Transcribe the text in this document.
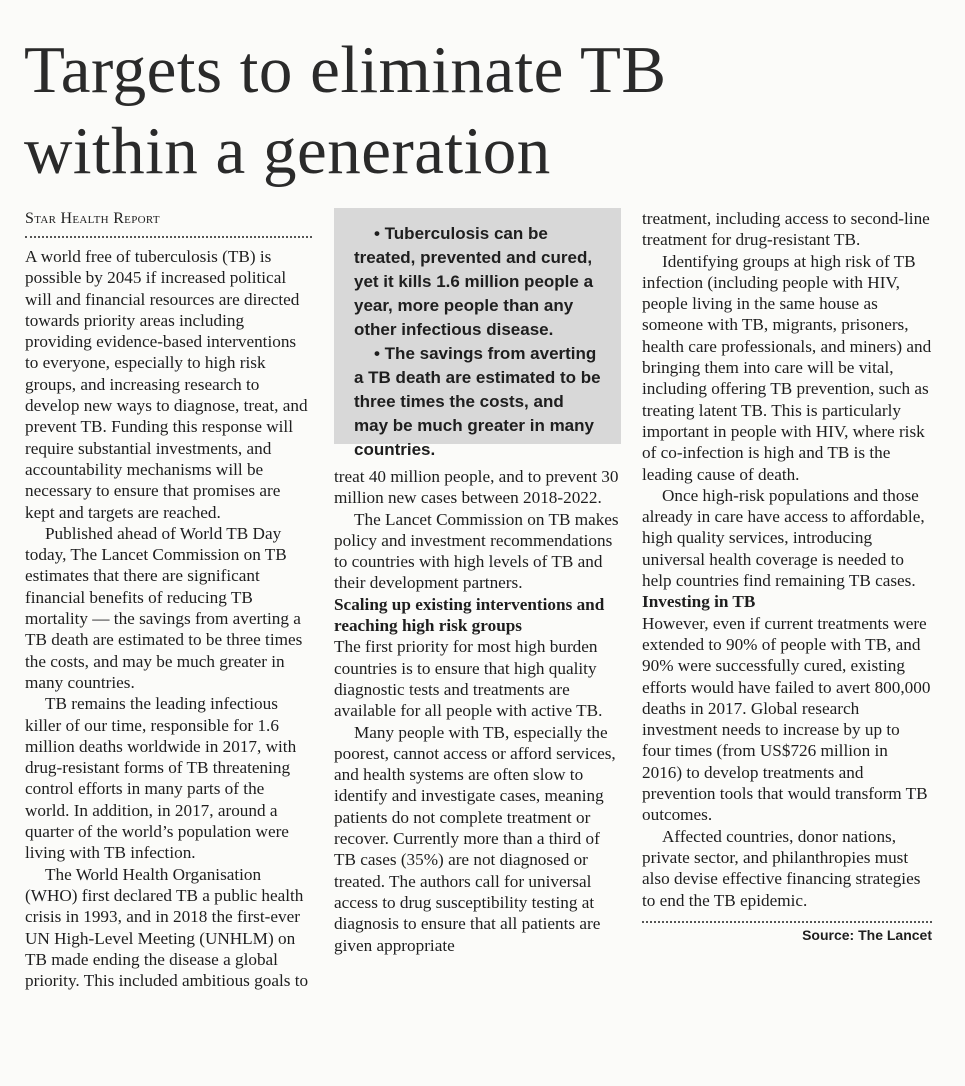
Targets to eliminate TB
within a generation
Star Health Report

A world free of tuberculosis (TB) is possible by 2045 if increased political will and financial resources are directed towards priority areas including providing evidence-based interventions to everyone, especially to high risk groups, and increasing research to develop new ways to diagnose, treat, and prevent TB. Funding this response will require substantial investments, and accountability mechanisms will be necessary to ensure that promises are kept and targets are reached.

Published ahead of World TB Day today, The Lancet Commission on TB estimates that there are significant financial benefits of reducing TB mortality — the savings from averting a TB death are estimated to be three times the costs, and may be much greater in many countries.

TB remains the leading infectious killer of our time, responsible for 1.6 million deaths worldwide in 2017, with drug-resistant forms of TB threatening control efforts in many parts of the world. In addition, in 2017, around a quarter of the world’s population were living with TB infection.

The World Health Organisation (WHO) first declared TB a public health crisis in 1993, and in 2018 the first-ever UN High-Level Meeting (UNHLM) on TB made ending the disease a global priority. This included ambitious goals to

• Tuberculosis can be treated, prevented and cured, yet it kills 1.6 million people a year, more people than any other infectious disease.

• The savings from averting a TB death are estimated to be three times the costs, and may be much greater in many countries.

treat 40 million people, and to prevent 30 million new cases between 2018-2022.

The Lancet Commission on TB makes policy and investment recommendations to countries with high levels of TB and their development partners.

Scaling up existing interventions and reaching high risk groups

The first priority for most high burden countries is to ensure that high quality diagnostic tests and treatments are available for all people with active TB.

Many people with TB, especially the poorest, cannot access or afford services, and health systems are often slow to identify and investigate cases, meaning patients do not complete treatment or recover. Currently more than a third of TB cases (35%) are not diagnosed or treated. The authors call for universal access to drug susceptibility testing at diagnosis to ensure that all patients are given appropriate

treatment, including access to second-line treatment for drug-resistant TB.

Identifying groups at high risk of TB infection (including people with HIV, people living in the same house as someone with TB, migrants, prisoners, health care professionals, and miners) and bringing them into care will be vital, including offering TB prevention, such as treating latent TB. This is particularly important in people with HIV, where risk of co-infection is high and TB is the leading cause of death.

Once high-risk populations and those already in care have access to affordable, high quality services, introducing universal health coverage is needed to help countries find remaining TB cases.

Investing in TB

However, even if current treatments were extended to 90% of people with TB, and 90% were successfully cured, existing efforts would have failed to avert 800,000 deaths in 2017. Global research investment needs to increase by up to four times (from US$726 million in 2016) to develop treatments and prevention tools that would transform TB outcomes.

Affected countries, donor nations, private sector, and philanthropies must also devise effective financing strategies to end the TB epidemic.

Source: The Lancet
